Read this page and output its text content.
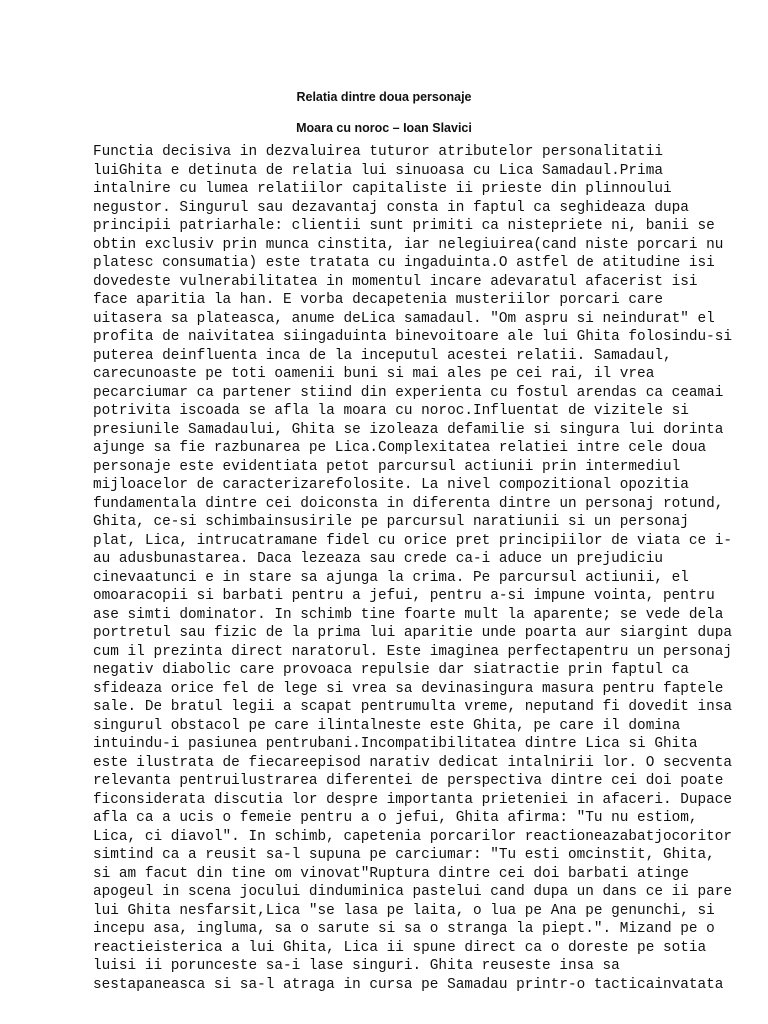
Relatia dintre doua personaje
Moara cu noroc – Ioan Slavici
Functia decisiva in dezvaluirea tuturor atributelor personalitatii
luiGhita e detinuta de relatia lui sinuoasa cu Lica Samadaul.Prima
intalnire cu lumea relatiilor capitaliste ii prieste din plinnoului
negustor. Singurul sau dezavantaj consta in faptul ca seghideaza dupa
principii patriarhale: clientii sunt primiti ca nistepriete ni, banii se
obtin exclusiv prin munca cinstita, iar nelegiuirea(cand niste porcari nu
platesc consumatia) este tratata cu ingaduinta.O astfel de atitudine isi
dovedeste vulnerabilitatea in momentul incare adevaratul afacerist isi
face aparitia la han. E vorba decapetenia musteriilor porcari care
uitasera sa plateasca, anume deLica samadaul. "Om aspru si neindurat" el
profita de naivitatea siingaduinta binevoitoare ale lui Ghita folosindu-si
puterea deinfluenta inca de la inceputul acestei relatii. Samadaul,
carecunoaste pe toti oamenii buni si mai ales pe cei rai, il vrea
pecarciumar ca partener stiind din experienta cu fostul arendas ca ceamai
potrivita iscoada se afla la moara cu noroc.Influentat de vizitele si
presiunile Samadaului, Ghita se izoleaza defamilie si singura lui dorinta
ajunge sa fie razbunarea pe Lica.Complexitatea relatiei intre cele doua
personaje este evidentiata petot parcursul actiunii prin intermediul
mijloacelor de caracterizarefolosite. La nivel compozitional opozitia
fundamentala dintre cei doiconsta in diferenta dintre un personaj rotund,
Ghita, ce-si schimbainsusirile pe parcursul naratiunii si un personaj
plat, Lica, intrucatramane fidel cu orice pret principiilor de viata ce i-
au adusbunastarea. Daca lezeaza sau crede ca-i aduce un prejudiciu
cinevaatunci e in stare sa ajunga la crima. Pe parcursul actiunii, el
omoaracopii si barbati pentru a jefui, pentru a-si impune vointa, pentru
ase simti dominator. In schimb tine foarte mult la aparente; se vede dela
portretul sau fizic de la prima lui aparitie unde poarta aur siargint dupa
cum il prezinta direct naratorul. Este imaginea perfectapentru un personaj
negativ diabolic care provoaca repulsie dar siatractie prin faptul ca
sfideaza orice fel de lege si vrea sa devinasingura masura pentru faptele
sale. De bratul legii a scapat pentrumulta vreme, neputand fi dovedit insa
singurul obstacol pe care ilintalneste este Ghita, pe care il domina
intuindu-i pasiunea pentrubani.Incompatibilitatea dintre Lica si Ghita
este ilustrata de fiecareepisod narativ dedicat intalnirii lor. O secventa
relevanta pentruilustrarea diferentei de perspectiva dintre cei doi poate
ficonsiderata discutia lor despre importanta prieteniei in afaceri. Dupace
afla ca a ucis o femeie pentru a o jefui, Ghita afirma: "Tu nu estiom,
Lica, ci diavol". In schimb, capetenia porcarilor reactioneazabatjocoritor
simtind ca a reusit sa-l supuna pe carciumar: "Tu esti omcinstit, Ghita,
si am facut din tine om vinovat"Ruptura dintre cei doi barbati atinge
apogeul in scena jocului dinduminica pastelui cand dupa un dans ce ii pare
lui Ghita nesfarsit,Lica "se lasa pe laita, o lua pe Ana pe genunchi, si
incepu asa, ingluma, sa o sarute si sa o stranga la piept.". Mizand pe o
reactieisterica a lui Ghita, Lica ii spune direct ca o doreste pe sotia
luisi ii porunceste sa-i lase singuri. Ghita reuseste insa sa
sestapaneasca si sa-l atraga in cursa pe Samadau printr-o tacticainvatata
